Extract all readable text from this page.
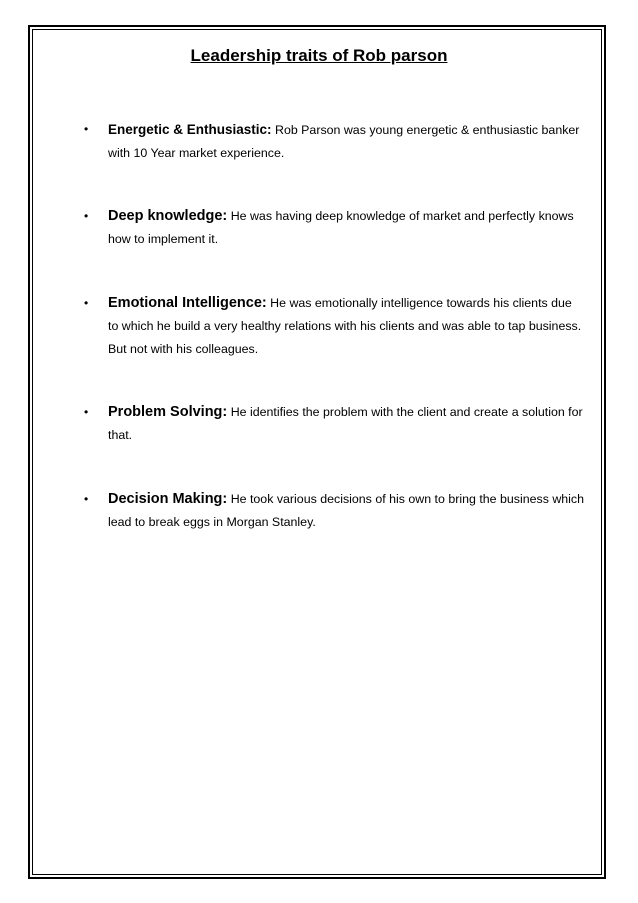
Leadership traits of Rob parson
• Energetic & Enthusiastic: Rob Parson was young energetic & enthusiastic banker with 10 Year market experience.
• Deep knowledge: He was having deep knowledge of market and perfectly knows how to implement it.
• Emotional Intelligence: He was emotionally intelligence towards his clients due to which he build a very healthy relations with his clients and was able to tap business. But not with his colleagues.
• Problem Solving: He identifies the problem with the client and create a solution for that.
• Decision Making: He took various decisions of his own to bring the business which lead to break eggs in Morgan Stanley.
